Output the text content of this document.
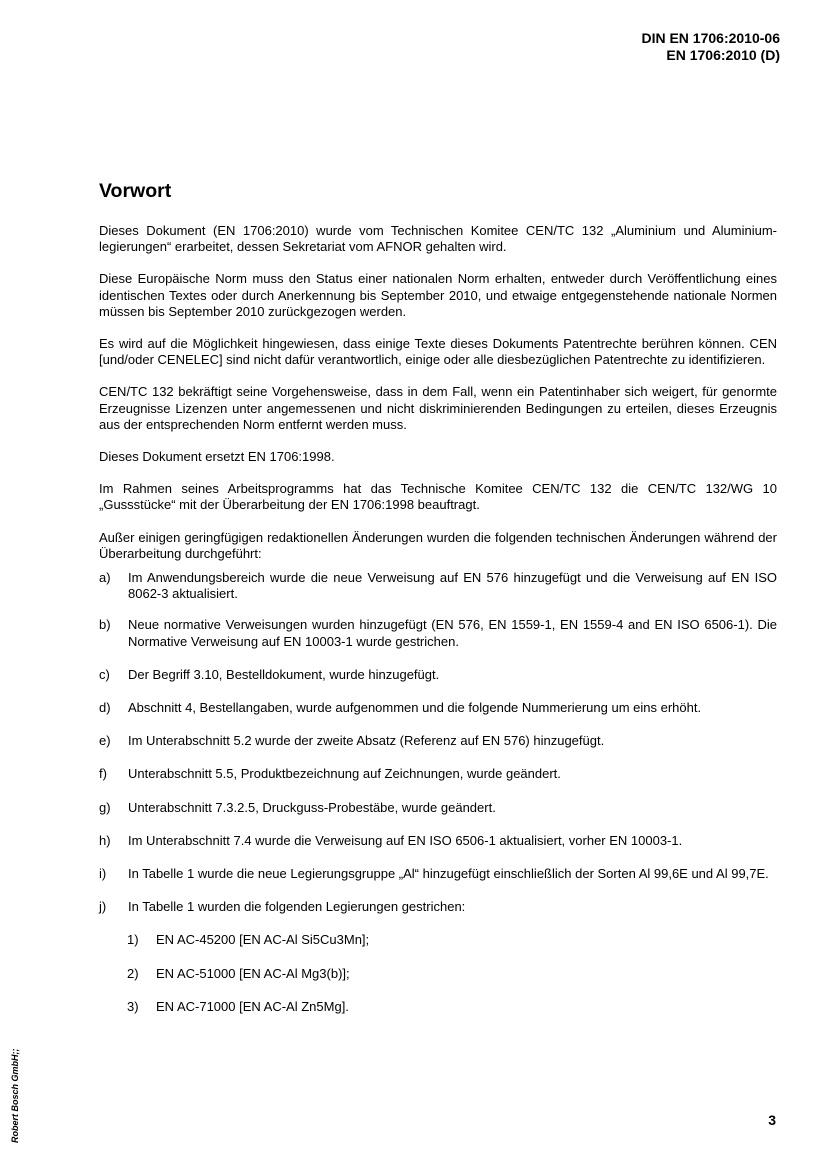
DIN EN 1706:2010-06
EN 1706:2010 (D)
Vorwort

Dieses Dokument (EN 1706:2010) wurde vom Technischen Komitee CEN/TC 132 „Aluminium und Aluminium-legierungen“ erarbeitet, dessen Sekretariat vom AFNOR gehalten wird.

Diese Europäische Norm muss den Status einer nationalen Norm erhalten, entweder durch Veröffentlichung eines identischen Textes oder durch Anerkennung bis September 2010, und etwaige entgegenstehende nationale Normen müssen bis September 2010 zurückgezogen werden.

Es wird auf die Möglichkeit hingewiesen, dass einige Texte dieses Dokuments Patentrechte berühren können. CEN [und/oder CENELEC] sind nicht dafür verantwortlich, einige oder alle diesbezüglichen Patentrechte zu identifizieren.

CEN/TC 132 bekräftigt seine Vorgehensweise, dass in dem Fall, wenn ein Patentinhaber sich weigert, für genormte Erzeugnisse Lizenzen unter angemessenen und nicht diskriminierenden Bedingungen zu erteilen, dieses Erzeugnis aus der entsprechenden Norm entfernt werden muss.

Dieses Dokument ersetzt EN 1706:1998.

Im Rahmen seines Arbeitsprogramms hat das Technische Komitee CEN/TC 132 die CEN/TC 132/WG 10 „Gussstücke“ mit der Überarbeitung der EN 1706:1998 beauftragt.

Außer einigen geringfügigen redaktionellen Änderungen wurden die folgenden technischen Änderungen während der Überarbeitung durchgeführt:

a)	Im Anwendungsbereich wurde die neue Verweisung auf EN 576 hinzugefügt und die Verweisung auf EN ISO 8062-3 aktualisiert.
b)	Neue normative Verweisungen wurden hinzugefügt (EN 576, EN 1559-1, EN 1559-4 and EN ISO 6506-1). Die Normative Verweisung auf EN 10003-1 wurde gestrichen.
c)	Der Begriff 3.10, Bestelldokument, wurde hinzugefügt.
d)	Abschnitt 4, Bestellangaben, wurde aufgenommen und die folgende Nummerierung um eins erhöht.
e)	Im Unterabschnitt 5.2 wurde der zweite Absatz (Referenz auf EN 576) hinzugefügt.
f)	Unterabschnitt 5.5, Produktbezeichnung auf Zeichnungen, wurde geändert.
g)	Unterabschnitt 7.3.2.5, Druckguss-Probestäbe, wurde geändert.
h)	Im Unterabschnitt 7.4 wurde die Verweisung auf EN ISO 6506-1 aktualisiert, vorher EN 10003-1.
i)	In Tabelle 1 wurde die neue Legierungsgruppe „Al“ hinzugefügt einschließlich der Sorten Al 99,6E und Al 99,7E.
j)	In Tabelle 1 wurden die folgenden Legierungen gestrichen:
1)	EN AC-45200 [EN AC-Al Si5Cu3Mn];
2)	EN AC-51000 [EN AC-Al Mg3(b)];
3)	EN AC-71000 [EN AC-Al Zn5Mg].
Robert Bosch GmbH;;	3
